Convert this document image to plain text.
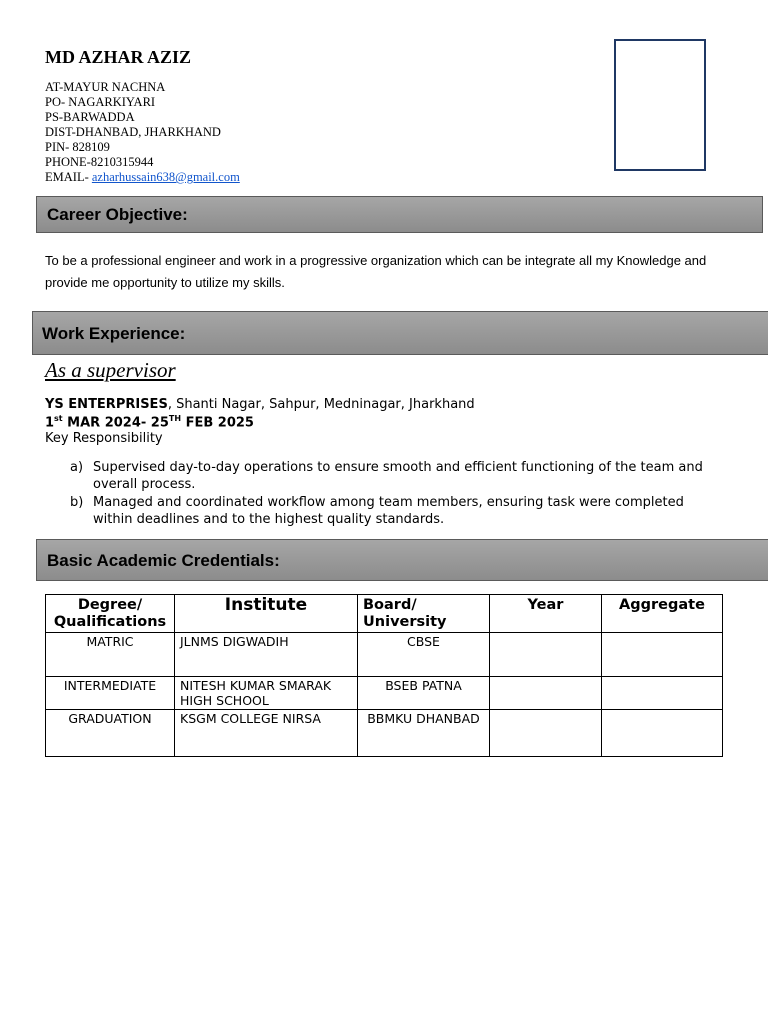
MD AZHAR AZIZ
AT-MAYUR NACHNA
PO- NAGARKIYARI
PS-BARWADDA
DIST-DHANBAD, JHARKHAND
PIN- 828109
PHONE-8210315944
EMAIL- azharhussain638@gmail.com
Career Objective:
To be a professional engineer and work in a progressive organization which can be integrate all my Knowledge and provide me opportunity to utilize my skills.
Work Experience:
As a supervisor
YS ENTERPRISES, Shanti Nagar, Sahpur, Medninagar, Jharkhand
1st MAR 2024- 25TH FEB 2025
Key Responsibility
a) Supervised day-to-day operations to ensure smooth and efficient functioning of the team and overall process.
b) Managed and coordinated workflow among team members, ensuring task were completed within deadlines and to the highest quality standards.
Basic Academic Credentials:
Degree/ Qualifications	Institute	Board/ University	Year	Aggregate
MATRIC	JLNMS DIGWADIH	CBSE		
INTERMEDIATE	NITESH KUMAR SMARAK HIGH SCHOOL	BSEB PATNA		
GRADUATION	KSGM COLLEGE NIRSA	BBMKU DHANBAD		
